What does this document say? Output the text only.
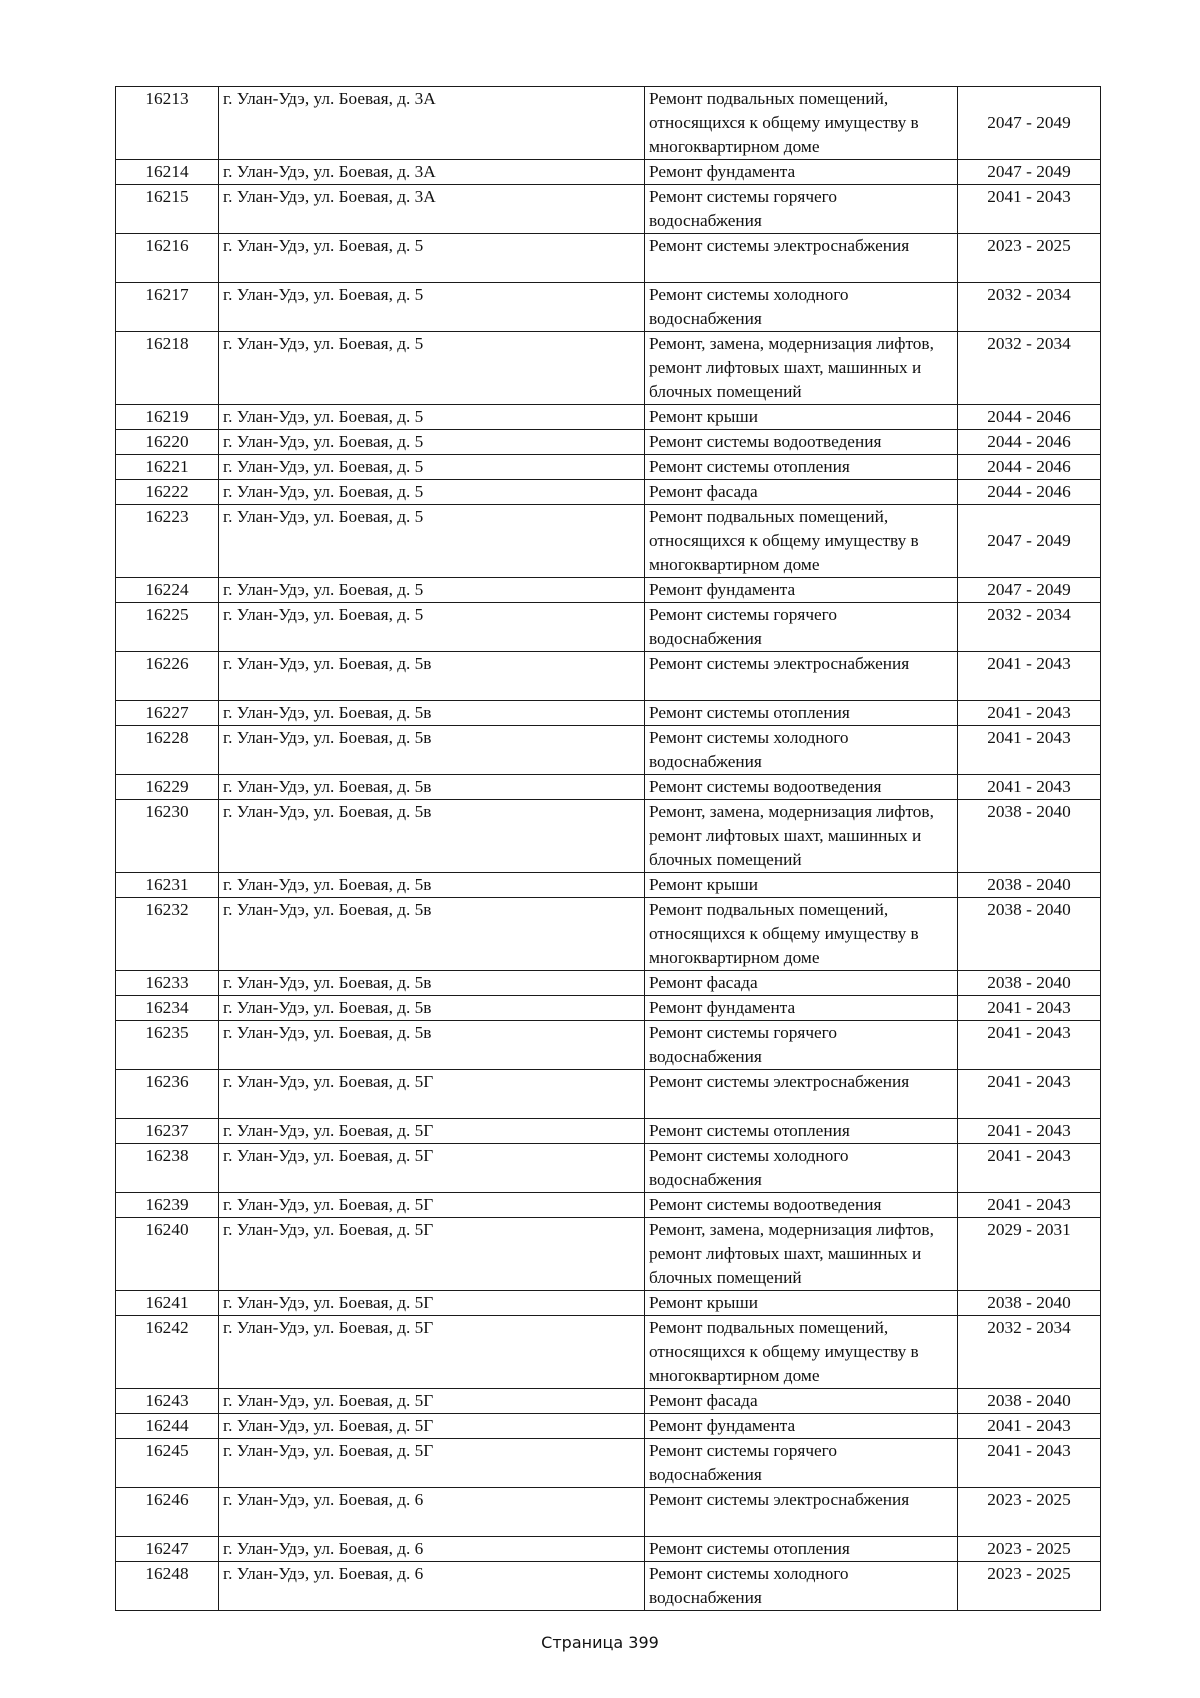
16213	г. Улан-Удэ, ул. Боевая, д. 3А	Ремонт подвальных помещений, относящихся к общему имуществу в многоквартирном доме	2047 - 2049
16214	г. Улан-Удэ, ул. Боевая, д. 3А	Ремонт фундамента	2047 - 2049
16215	г. Улан-Удэ, ул. Боевая, д. 3А	Ремонт системы горячего водоснабжения	2041 - 2043
16216	г. Улан-Удэ, ул. Боевая, д. 5	Ремонт системы электроснабжения	2023 - 2025
16217	г. Улан-Удэ, ул. Боевая, д. 5	Ремонт системы холодного водоснабжения	2032 - 2034
16218	г. Улан-Удэ, ул. Боевая, д. 5	Ремонт, замена, модернизация лифтов, ремонт лифтовых шахт, машинных и блочных помещений	2032 - 2034
16219	г. Улан-Удэ, ул. Боевая, д. 5	Ремонт крыши	2044 - 2046
16220	г. Улан-Удэ, ул. Боевая, д. 5	Ремонт системы водоотведения	2044 - 2046
16221	г. Улан-Удэ, ул. Боевая, д. 5	Ремонт системы отопления	2044 - 2046
16222	г. Улан-Удэ, ул. Боевая, д. 5	Ремонт фасада	2044 - 2046
16223	г. Улан-Удэ, ул. Боевая, д. 5	Ремонт подвальных помещений, относящихся к общему имуществу в многоквартирном доме	2047 - 2049
16224	г. Улан-Удэ, ул. Боевая, д. 5	Ремонт фундамента	2047 - 2049
16225	г. Улан-Удэ, ул. Боевая, д. 5	Ремонт системы горячего водоснабжения	2032 - 2034
16226	г. Улан-Удэ, ул. Боевая, д. 5в	Ремонт системы электроснабжения	2041 - 2043
16227	г. Улан-Удэ, ул. Боевая, д. 5в	Ремонт системы отопления	2041 - 2043
16228	г. Улан-Удэ, ул. Боевая, д. 5в	Ремонт системы холодного водоснабжения	2041 - 2043
16229	г. Улан-Удэ, ул. Боевая, д. 5в	Ремонт системы водоотведения	2041 - 2043
16230	г. Улан-Удэ, ул. Боевая, д. 5в	Ремонт, замена, модернизация лифтов, ремонт лифтовых шахт, машинных и блочных помещений	2038 - 2040
16231	г. Улан-Удэ, ул. Боевая, д. 5в	Ремонт крыши	2038 - 2040
16232	г. Улан-Удэ, ул. Боевая, д. 5в	Ремонт подвальных помещений, относящихся к общему имуществу в многоквартирном доме	2038 - 2040
16233	г. Улан-Удэ, ул. Боевая, д. 5в	Ремонт фасада	2038 - 2040
16234	г. Улан-Удэ, ул. Боевая, д. 5в	Ремонт фундамента	2041 - 2043
16235	г. Улан-Удэ, ул. Боевая, д. 5в	Ремонт системы горячего водоснабжения	2041 - 2043
16236	г. Улан-Удэ, ул. Боевая, д. 5Г	Ремонт системы электроснабжения	2041 - 2043
16237	г. Улан-Удэ, ул. Боевая, д. 5Г	Ремонт системы отопления	2041 - 2043
16238	г. Улан-Удэ, ул. Боевая, д. 5Г	Ремонт системы холодного водоснабжения	2041 - 2043
16239	г. Улан-Удэ, ул. Боевая, д. 5Г	Ремонт системы водоотведения	2041 - 2043
16240	г. Улан-Удэ, ул. Боевая, д. 5Г	Ремонт, замена, модернизация лифтов, ремонт лифтовых шахт, машинных и блочных помещений	2029 - 2031
16241	г. Улан-Удэ, ул. Боевая, д. 5Г	Ремонт крыши	2038 - 2040
16242	г. Улан-Удэ, ул. Боевая, д. 5Г	Ремонт подвальных помещений, относящихся к общему имуществу в многоквартирном доме	2032 - 2034
16243	г. Улан-Удэ, ул. Боевая, д. 5Г	Ремонт фасада	2038 - 2040
16244	г. Улан-Удэ, ул. Боевая, д. 5Г	Ремонт фундамента	2041 - 2043
16245	г. Улан-Удэ, ул. Боевая, д. 5Г	Ремонт системы горячего водоснабжения	2041 - 2043
16246	г. Улан-Удэ, ул. Боевая, д. 6	Ремонт системы электроснабжения	2023 - 2025
16247	г. Улан-Удэ, ул. Боевая, д. 6	Ремонт системы отопления	2023 - 2025
16248	г. Улан-Удэ, ул. Боевая, д. 6	Ремонт системы холодного водоснабжения	2023 - 2025
Страница 399
